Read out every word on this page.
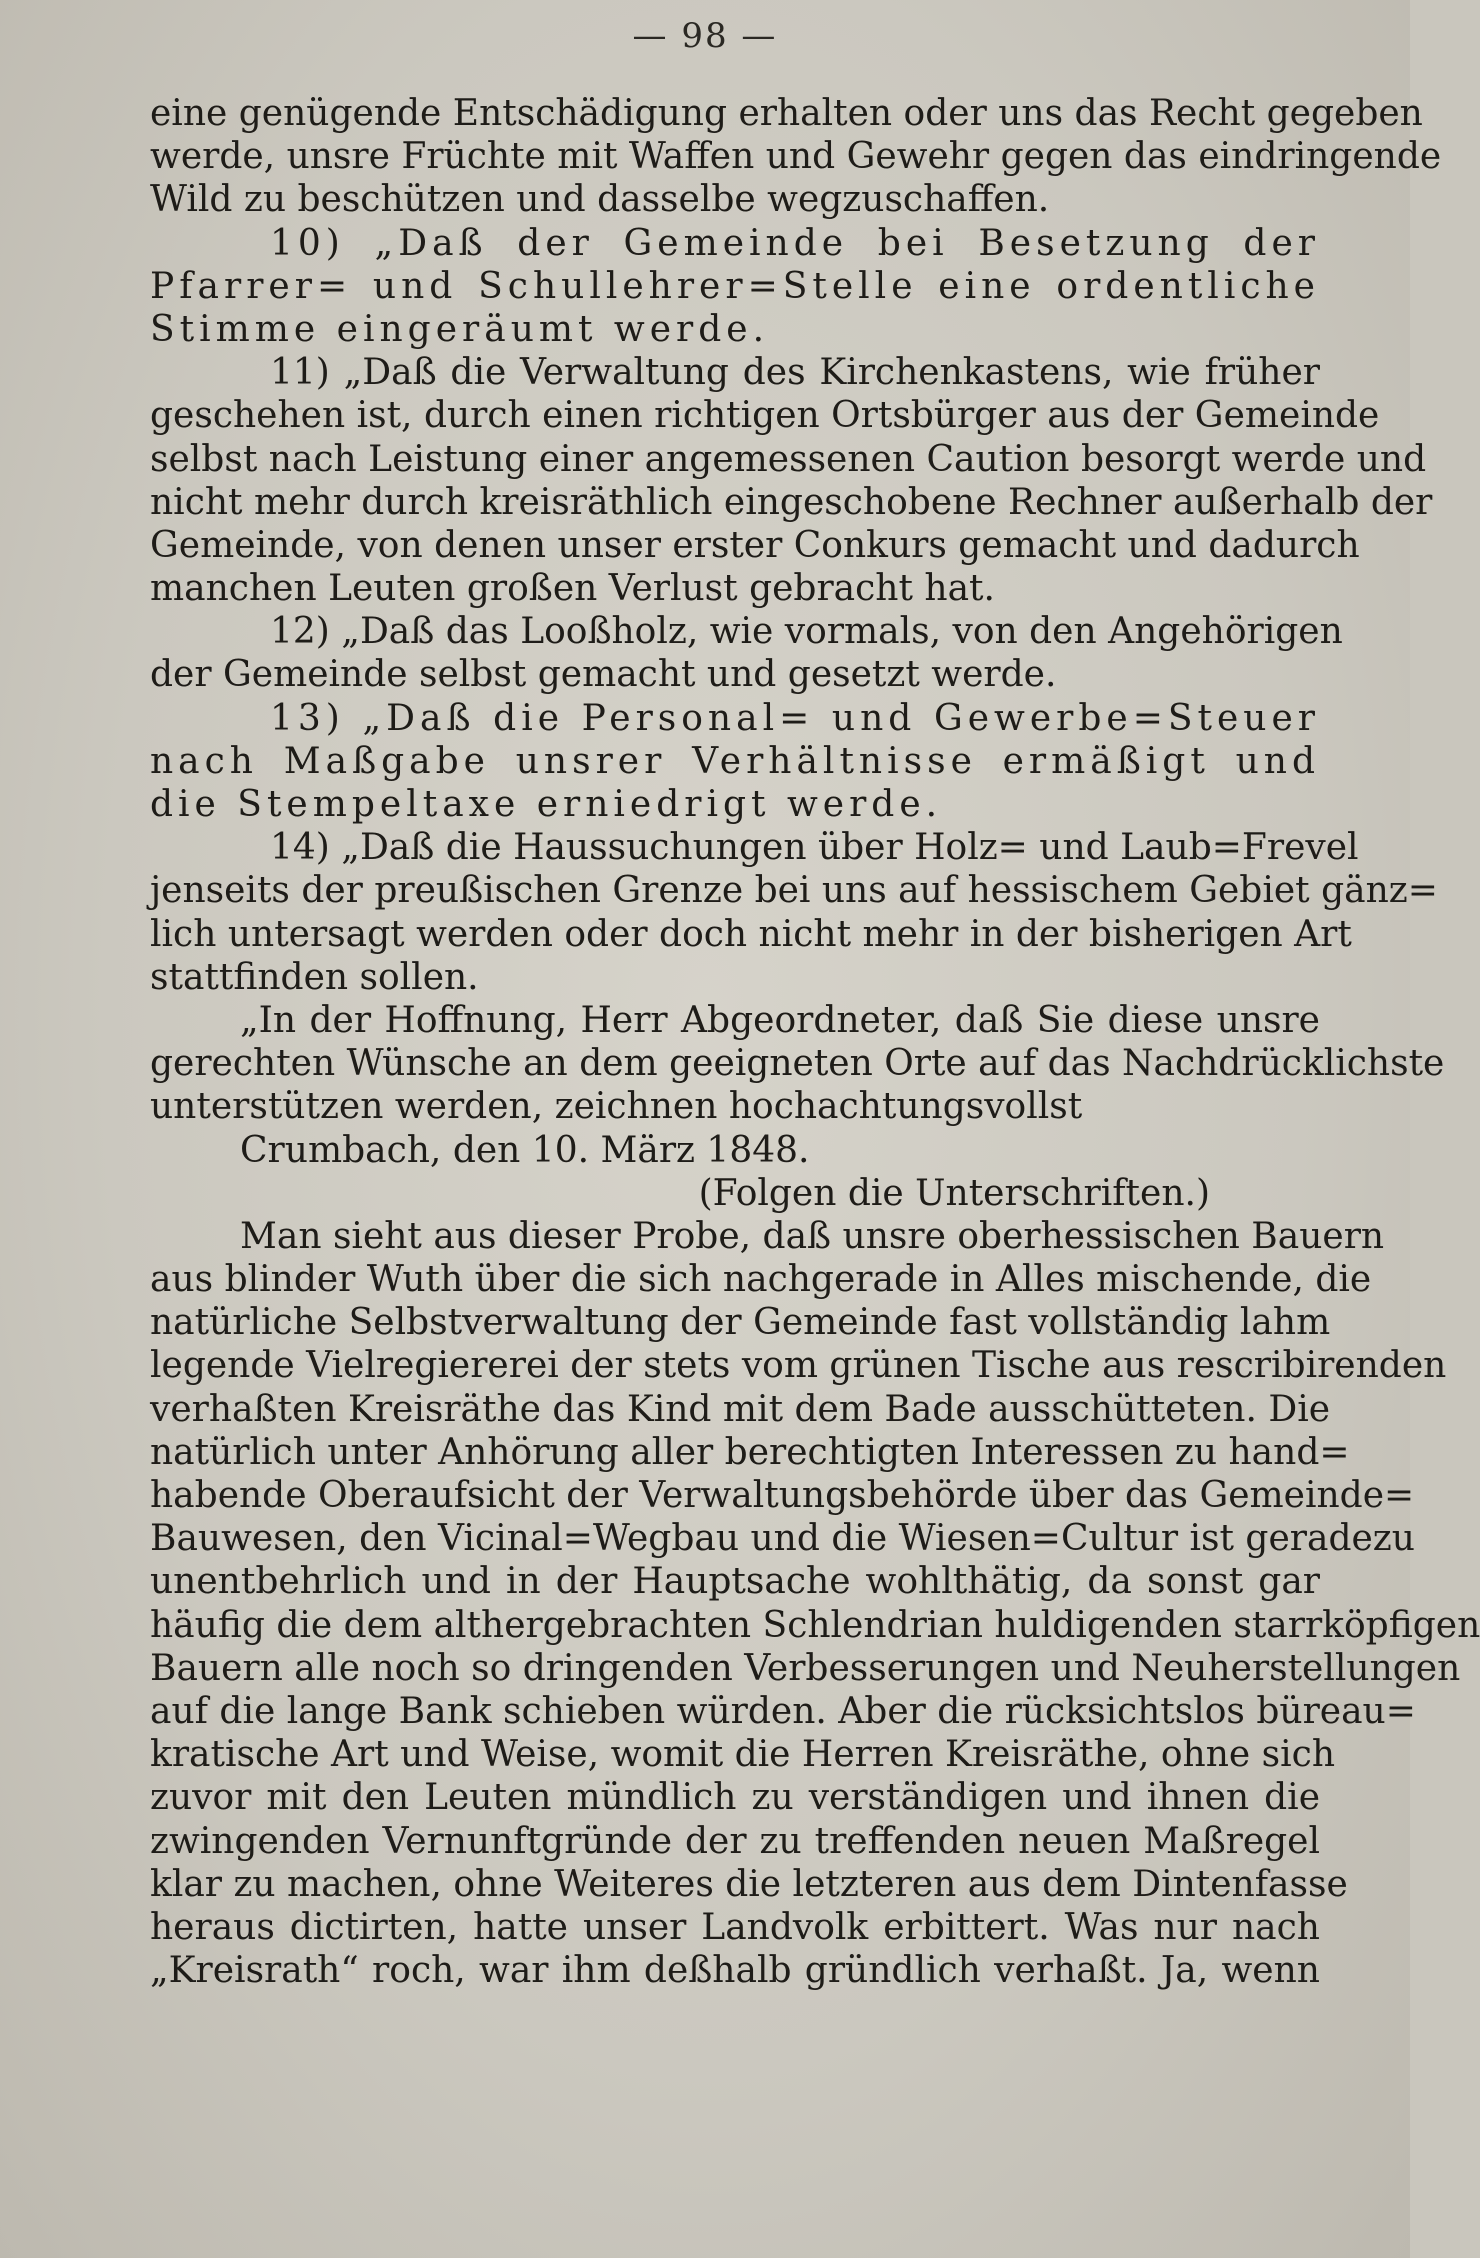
— 98 —
eine genügende Entschädigung erhalten oder uns das Recht gegeben
werde, unsre Früchte mit Waffen und Gewehr gegen das eindringende
Wild zu beschützen und dasselbe wegzuschaffen.
10) „Daß der Gemeinde bei Besetzung der
Pfarrer= und Schullehrer=Stelle eine ordentliche
Stimme eingeräumt werde.
11) „Daß die Verwaltung des Kirchenkastens, wie früher
geschehen ist, durch einen richtigen Ortsbürger aus der Gemeinde
selbst nach Leistung einer angemessenen Caution besorgt werde und
nicht mehr durch kreisräthlich eingeschobene Rechner außerhalb der
Gemeinde, von denen unser erster Conkurs gemacht und dadurch
manchen Leuten großen Verlust gebracht hat.
12) „Daß das Looßholz, wie vormals, von den Angehörigen
der Gemeinde selbst gemacht und gesetzt werde.
13) „Daß die Personal= und Gewerbe=Steuer
nach Maßgabe unsrer Verhältnisse ermäßigt und
die Stempeltaxe erniedrigt werde.
14) „Daß die Haussuchungen über Holz= und Laub=Frevel
jenseits der preußischen Grenze bei uns auf hessischem Gebiet gänz=
lich untersagt werden oder doch nicht mehr in der bisherigen Art
stattfinden sollen.
„In der Hoffnung, Herr Abgeordneter, daß Sie diese unsre
gerechten Wünsche an dem geeigneten Orte auf das Nachdrücklichste
unterstützen werden, zeichnen hochachtungsvollst
Crumbach, den 10. März 1848.
(Folgen die Unterschriften.)
Man sieht aus dieser Probe, daß unsre oberhessischen Bauern
aus blinder Wuth über die sich nachgerade in Alles mischende, die
natürliche Selbstverwaltung der Gemeinde fast vollständig lahm
legende Vielregiererei der stets vom grünen Tische aus rescribirenden
verhaßten Kreisräthe das Kind mit dem Bade ausschütteten. Die
natürlich unter Anhörung aller berechtigten Interessen zu hand=
habende Oberaufsicht der Verwaltungsbehörde über das Gemeinde=
Bauwesen, den Vicinal=Wegbau und die Wiesen=Cultur ist geradezu
unentbehrlich und in der Hauptsache wohlthätig, da sonst gar
häufig die dem althergebrachten Schlendrian huldigenden starrköpfigen
Bauern alle noch so dringenden Verbesserungen und Neuherstellungen
auf die lange Bank schieben würden. Aber die rücksichtslos büreau=
kratische Art und Weise, womit die Herren Kreisräthe, ohne sich
zuvor mit den Leuten mündlich zu verständigen und ihnen die
zwingenden Vernunftgründe der zu treffenden neuen Maßregel
klar zu machen, ohne Weiteres die letzteren aus dem Dintenfasse
heraus dictirten, hatte unser Landvolk erbittert. Was nur nach
„Kreisrath“ roch, war ihm deßhalb gründlich verhaßt. Ja, wenn
